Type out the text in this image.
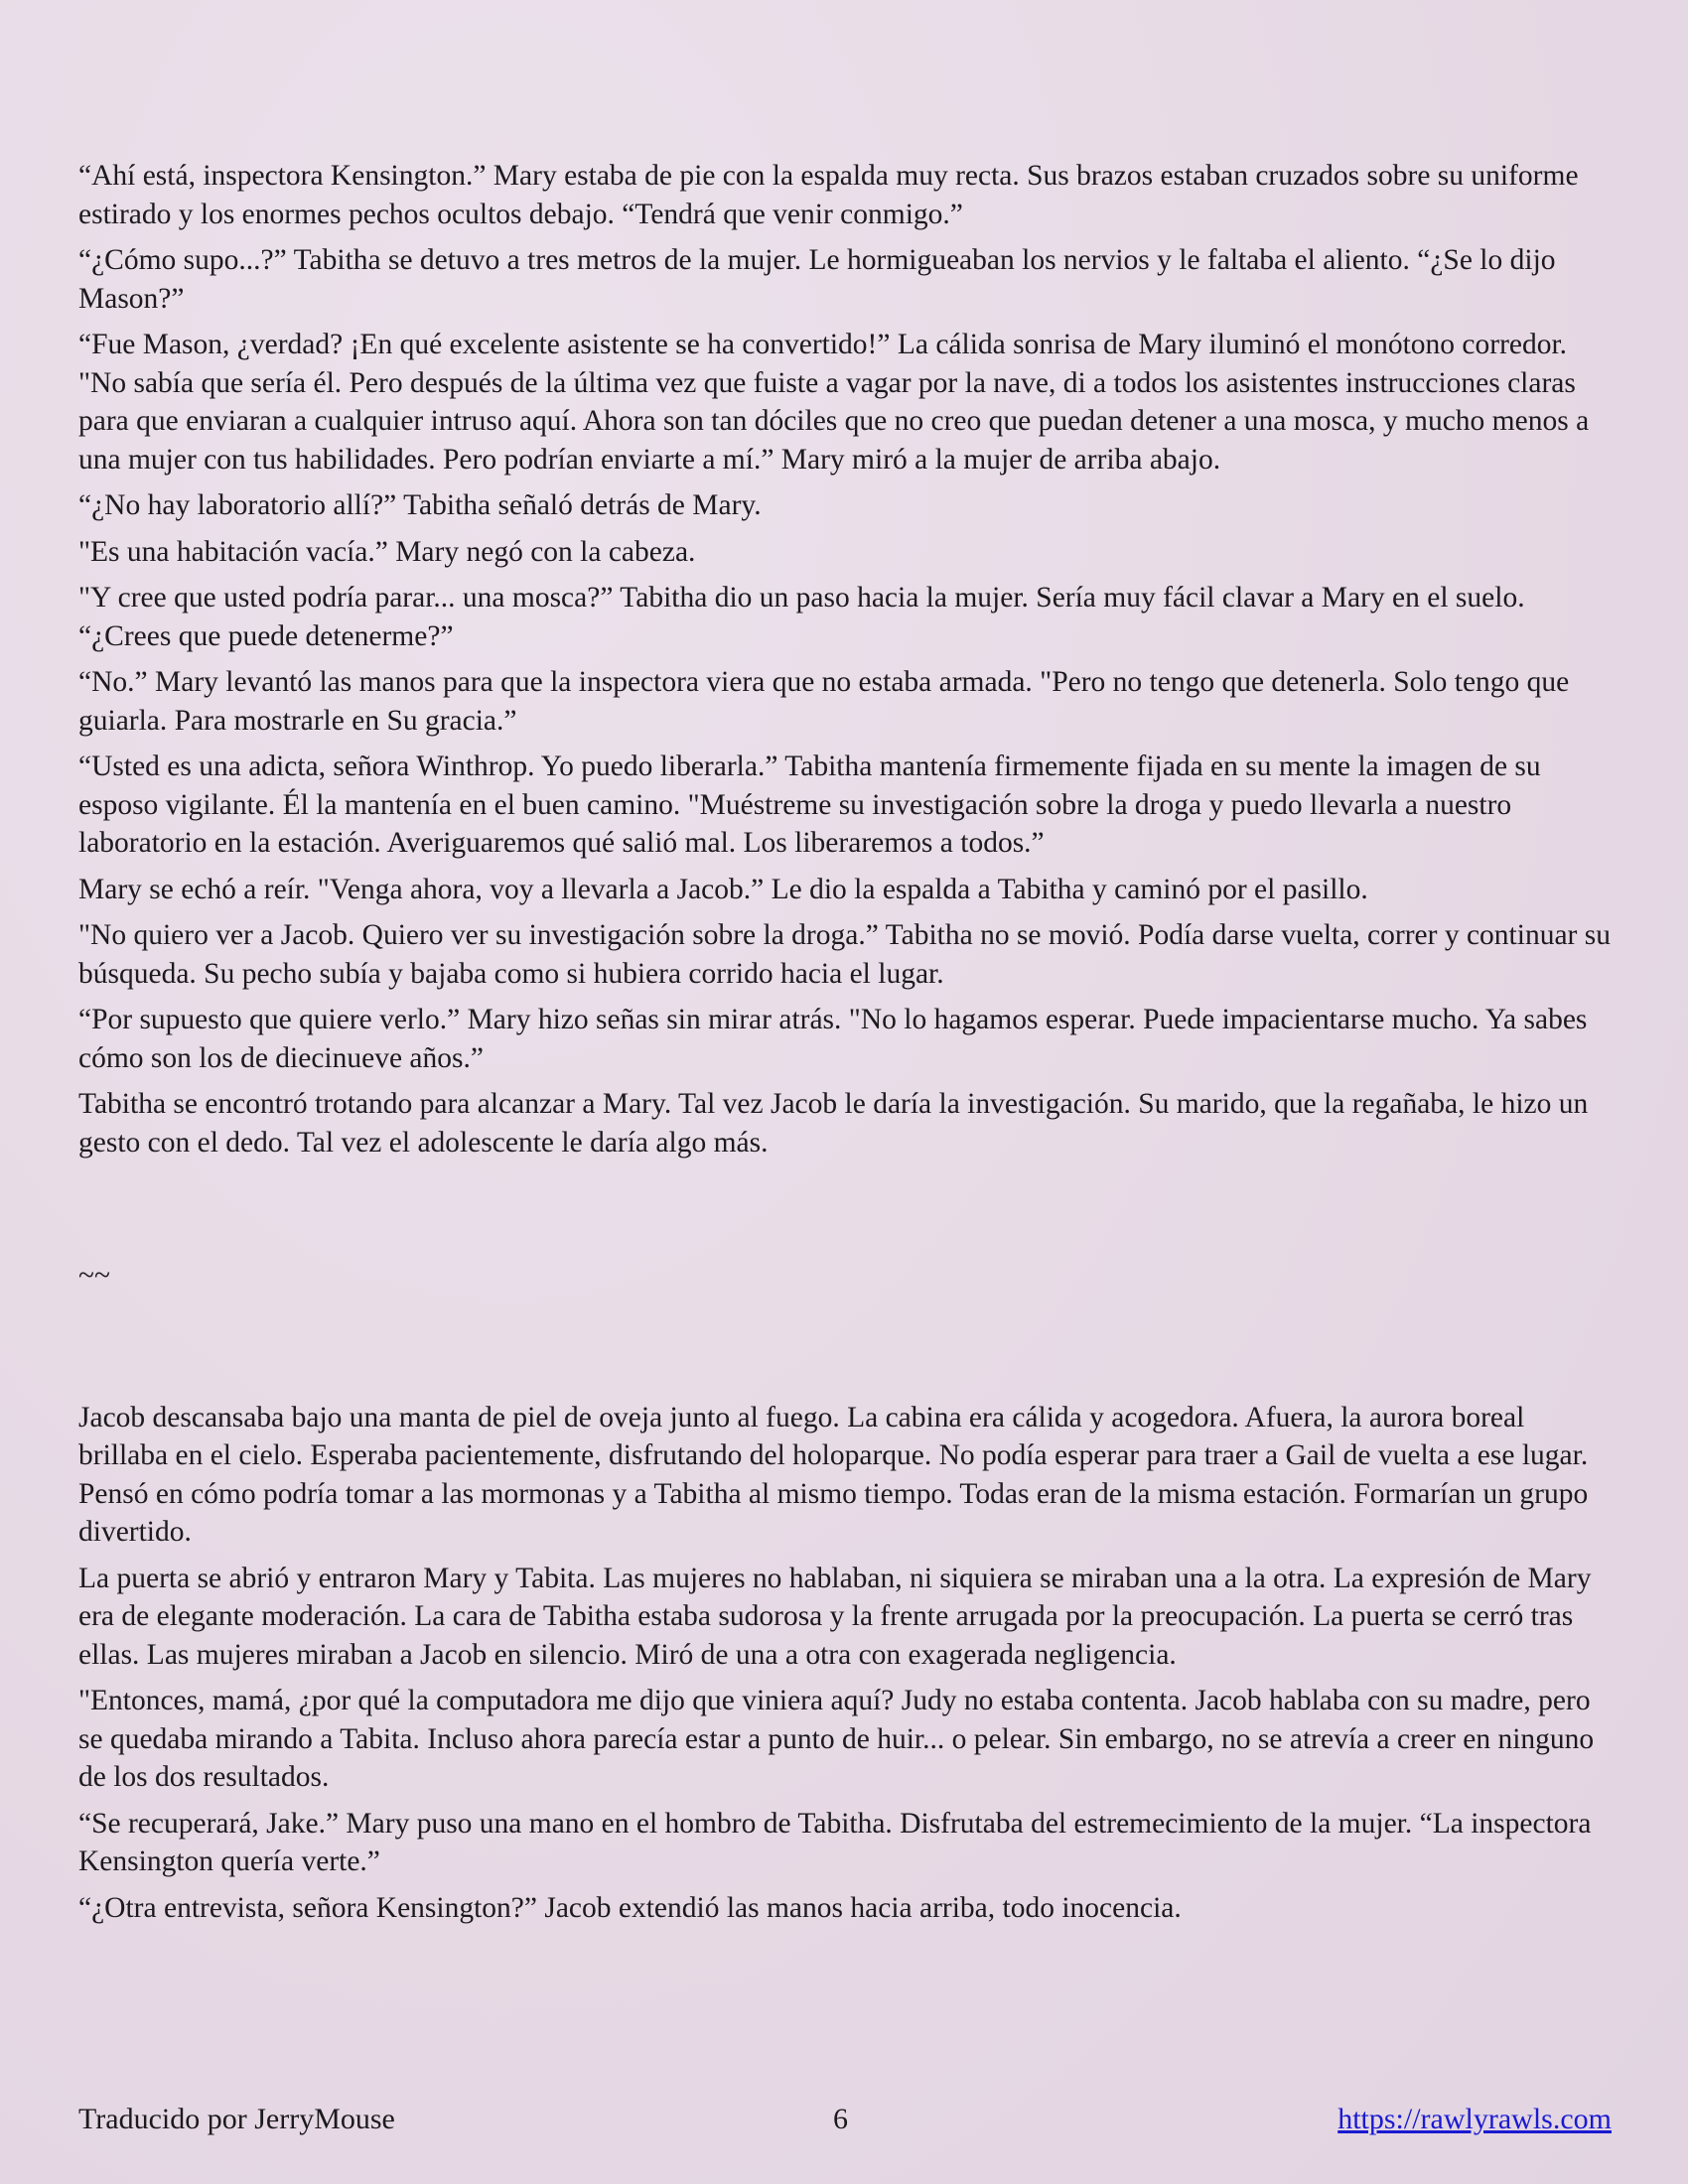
“Ahí está, inspectora Kensington.” Mary estaba de pie con la espalda muy recta. Sus brazos estaban cruzados sobre su uniforme estirado y los enormes pechos ocultos debajo. “Tendrá que venir conmigo.”

“¿Cómo supo...?” Tabitha se detuvo a tres metros de la mujer. Le hormigueaban los nervios y le faltaba el aliento. “¿Se lo dijo Mason?”

“Fue Mason, ¿verdad? ¡En qué excelente asistente se ha convertido!” La cálida sonrisa de Mary iluminó el monótono corredor. "No sabía que sería él. Pero después de la última vez que fuiste a vagar por la nave, di a todos los asistentes instrucciones claras para que enviaran a cualquier intruso aquí. Ahora son tan dóciles que no creo que puedan detener a una mosca, y mucho menos a una mujer con tus habilidades. Pero podrían enviarte a mí.” Mary miró a la mujer de arriba abajo.

“¿No hay laboratorio allí?” Tabitha señaló detrás de Mary.

"Es una habitación vacía.” Mary negó con la cabeza.

"Y cree que usted podría parar... una mosca?” Tabitha dio un paso hacia la mujer. Sería muy fácil clavar a Mary en el suelo. “¿Crees que puede detenerme?”

“No.” Mary levantó las manos para que la inspectora viera que no estaba armada. "Pero no tengo que detenerla. Solo tengo que guiarla. Para mostrarle en Su gracia.”

“Usted es una adicta, señora Winthrop. Yo puedo liberarla.” Tabitha mantenía firmemente fijada en su mente la imagen de su esposo vigilante. Él la mantenía en el buen camino. "Muéstreme su investigación sobre la droga y puedo llevarla a nuestro laboratorio en la estación. Averiguaremos qué salió mal. Los liberaremos a todos.”

Mary se echó a reír. "Venga ahora, voy a llevarla a Jacob.” Le dio la espalda a Tabitha y caminó por el pasillo.

"No quiero ver a Jacob. Quiero ver su investigación sobre la droga.” Tabitha no se movió. Podía darse vuelta, correr y continuar su búsqueda. Su pecho subía y bajaba como si hubiera corrido hacia el lugar.

“Por supuesto que quiere verlo.” Mary hizo señas sin mirar atrás. "No lo hagamos esperar. Puede impacientarse mucho. Ya sabes cómo son los de diecinueve años.”

Tabitha se encontró trotando para alcanzar a Mary. Tal vez Jacob le daría la investigación. Su marido, que la regañaba, le hizo un gesto con el dedo. Tal vez el adolescente le daría algo más.

~~

Jacob descansaba bajo una manta de piel de oveja junto al fuego. La cabina era cálida y acogedora. Afuera, la aurora boreal brillaba en el cielo. Esperaba pacientemente, disfrutando del holoparque. No podía esperar para traer a Gail de vuelta a ese lugar. Pensó en cómo podría tomar a las mormonas y a Tabitha al mismo tiempo. Todas eran de la misma estación. Formarían un grupo divertido.

La puerta se abrió y entraron Mary y Tabita. Las mujeres no hablaban, ni siquiera se miraban una a la otra. La expresión de Mary era de elegante moderación. La cara de Tabitha estaba sudorosa y la frente arrugada por la preocupación. La puerta se cerró tras ellas. Las mujeres miraban a Jacob en silencio. Miró de una a otra con exagerada negligencia.

"Entonces, mamá, ¿por qué la computadora me dijo que viniera aquí? Judy no estaba contenta. Jacob hablaba con su madre, pero se quedaba mirando a Tabita. Incluso ahora parecía estar a punto de huir... o pelear. Sin embargo, no se atrevía a creer en ninguno de los dos resultados.

“Se recuperará, Jake.” Mary puso una mano en el hombro de Tabitha. Disfrutaba del estremecimiento de la mujer. “La inspectora Kensington quería verte.”

“¿Otra entrevista, señora Kensington?” Jacob extendió las manos hacia arriba, todo inocencia.

Traducido por JerryMouse	6	https://rawlyrawls.com
